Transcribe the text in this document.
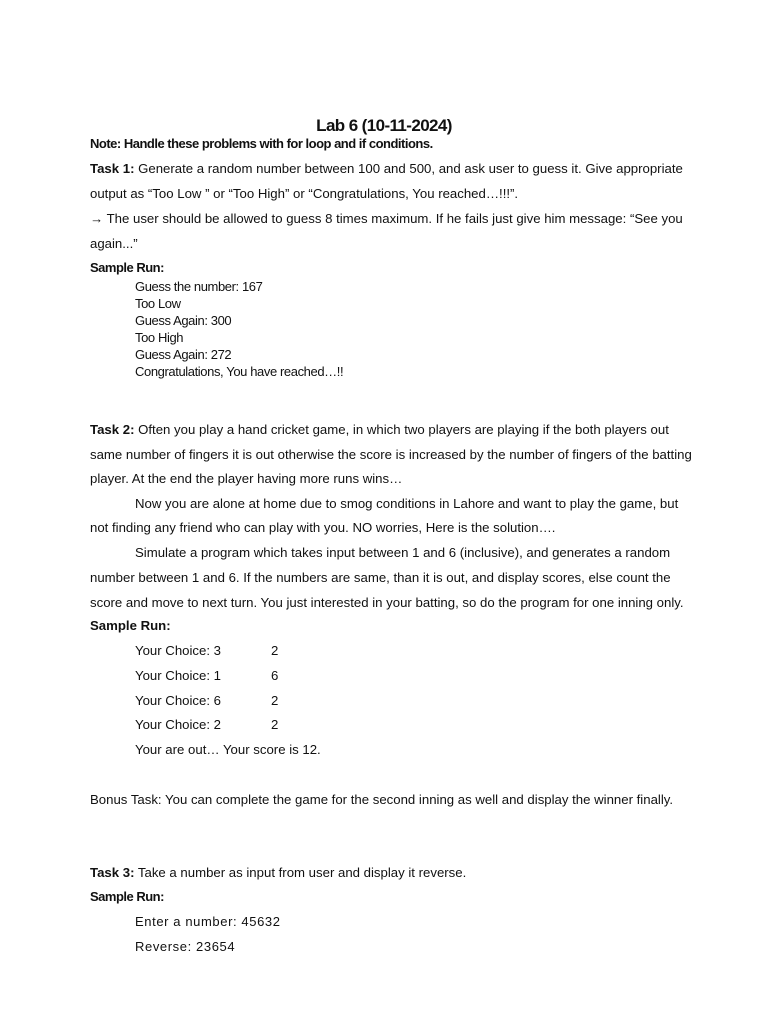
Lab 6 (10-11-2024)
Note: Handle these problems with for loop and if conditions.
Task 1: Generate a random number between 100 and 500, and ask user to guess it. Give appropriate
output as “Too Low ” or “Too High” or “Congratulations, You reached…!!!”.
→ The user should be allowed to guess 8 times maximum. If he fails just give him message: “See you
again...”
Sample Run:
Guess the number: 167
Too Low
Guess Again: 300
Too High
Guess Again: 272
Congratulations, You have reached…!!
Task 2: Often you play a hand cricket game, in which two players are playing if the both players out
same number of fingers it is out otherwise the score is increased by the number of fingers of the batting
player. At the end the player having more runs wins…
Now you are alone at home due to smog conditions in Lahore and want to play the game, but
not finding any friend who can play with you. NO worries, Here is the solution….
Simulate a program which takes input between 1 and 6 (inclusive), and generates a random
number between 1 and 6. If the numbers are same, than it is out, and display scores, else count the
score and move to next turn. You just interested in your batting, so do the program for one inning only.
Sample Run:
Your Choice: 3	2
Your Choice: 1	6
Your Choice: 6	2
Your Choice: 2	2
Your are out… Your score is 12.
Bonus Task: You can complete the game for the second inning as well and display the winner finally.
Task 3: Take a number as input from user and display it reverse.
Sample Run:
Enter a number: 45632
Reverse: 23654
